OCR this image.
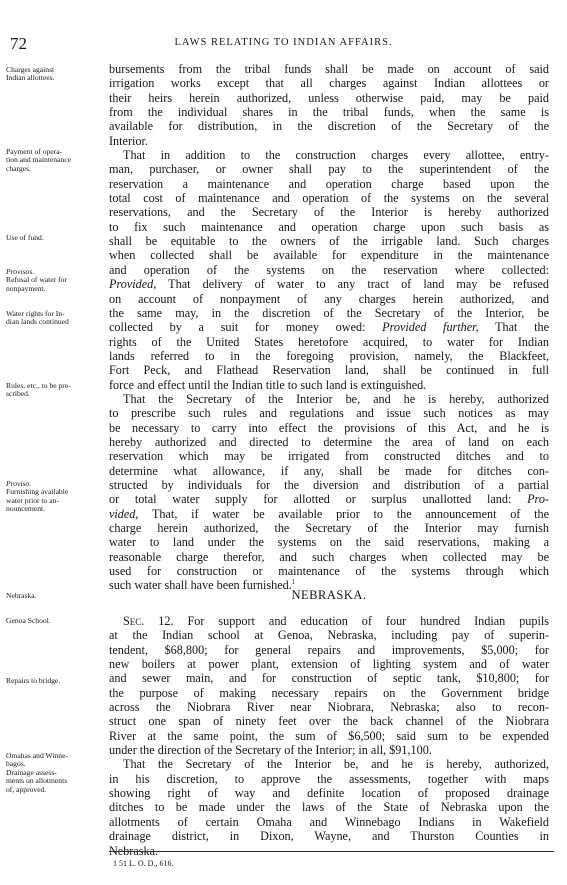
72	LAWS RELATING TO INDIAN AFFAIRS.
Charges against
Indian allottees.
Payment of opera-
tion and maintenance
charges.
Use of fund.
Provisos.
Refusal of water for
nonpayment.
Water rights for In-
dian lands continued
Rules, etc., to be pre-
scribed.
Proviso.
Furnishing available
water prior to an-
nouncement.
Nebraska.
Genoa School.
Repairs to bridge.
Omahas and Winne-
bagos.
Drainage assess-
ments on allotments
of, approved.
bursements from the tribal funds shall be made on account of said
irrigation works except that all charges against Indian allottees or
their heirs herein authorized, unless otherwise paid, may be paid
from the individual shares in the tribal funds, when the same is
available for distribution, in the discretion of the Secretary of the
Interior.
That in addition to the construction charges every allottee, entry-
man, purchaser, or owner shall pay to the superintendent of the
reservation a maintenance and operation charge based upon the
total cost of maintenance and operation of the systems on the several
reservations, and the Secretary of the Interior is hereby authorized
to fix such maintenance and operation charge upon such basis as
shall be equitable to the owners of the irrigable land. Such charges
when collected shall be available for expenditure in the maintenance
and operation of the systems on the reservation where collected:
Provided, That delivery of water to any tract of land may be refused
on account of nonpayment of any charges herein authorized, and
the same may, in the discretion of the Secretary of the Interior, be
collected by a suit for money owed: Provided further, That the
rights of the United States heretofore acquired, to water for Indian
lands referred to in the foregoing provision, namely, the Blackfeet,
Fort Peck, and Flathead Reservation land, shall be continued in full
force and effect until the Indian title to such land is extinguished.
That the Secretary of the Interior be, and he is hereby, authorized
to prescribe such rules and regulations and issue such notices as may
be necessary to carry into effect the provisions of this Act, and he is
hereby authorized and directed to determine the area of land on each
reservation which may be irrigated from constructed ditches and to
determine what allowance, if any, shall be made for ditches con-
structed by individuals for the diversion and distribution of a partial
or total water supply for allotted or surplus unallotted land: Pro-
vided, That, if water be available prior to the announcement of the
charge herein authorized, the Secretary of the Interior may furnish
water to land under the systems on the said reservations, making a
reasonable charge therefor, and such charges when collected may be
used for construction or maintenance of the systems through which
such water shall have been furnished.$^1$
NEBRASKA.
Sec. 12. For support and education of four hundred Indian pupils
at the Indian school at Genoa, Nebraska, including pay of superin-
tendent, $68,800; for general repairs and improvements, $5,000; for
new boilers at power plant, extension of lighting system and of water
and sewer main, and for construction of septic tank, $10,800; for
the purpose of making necessary repairs on the Government bridge
across the Niobrara River near Niobrara, Nebraska; also to recon-
struct one span of ninety feet over the back channel of the Niobrara
River at the same point, the sum of $6,500; said sum to be expended
under the direction of the Secretary of the Interior; in all, $91,100.
That the Secretary of the Interior be, and he is hereby, authorized,
in his discretion, to approve the assessments, together with maps
showing right of way and definite location of proposed drainage
ditches to be made under the laws of the State of Nebraska upon the
allotments of certain Omaha and Winnebago Indians in Wakefield
drainage district, in Dixon, Wayne, and Thurston Counties in
Nebraska.
1 51 L. O. D., 616.
